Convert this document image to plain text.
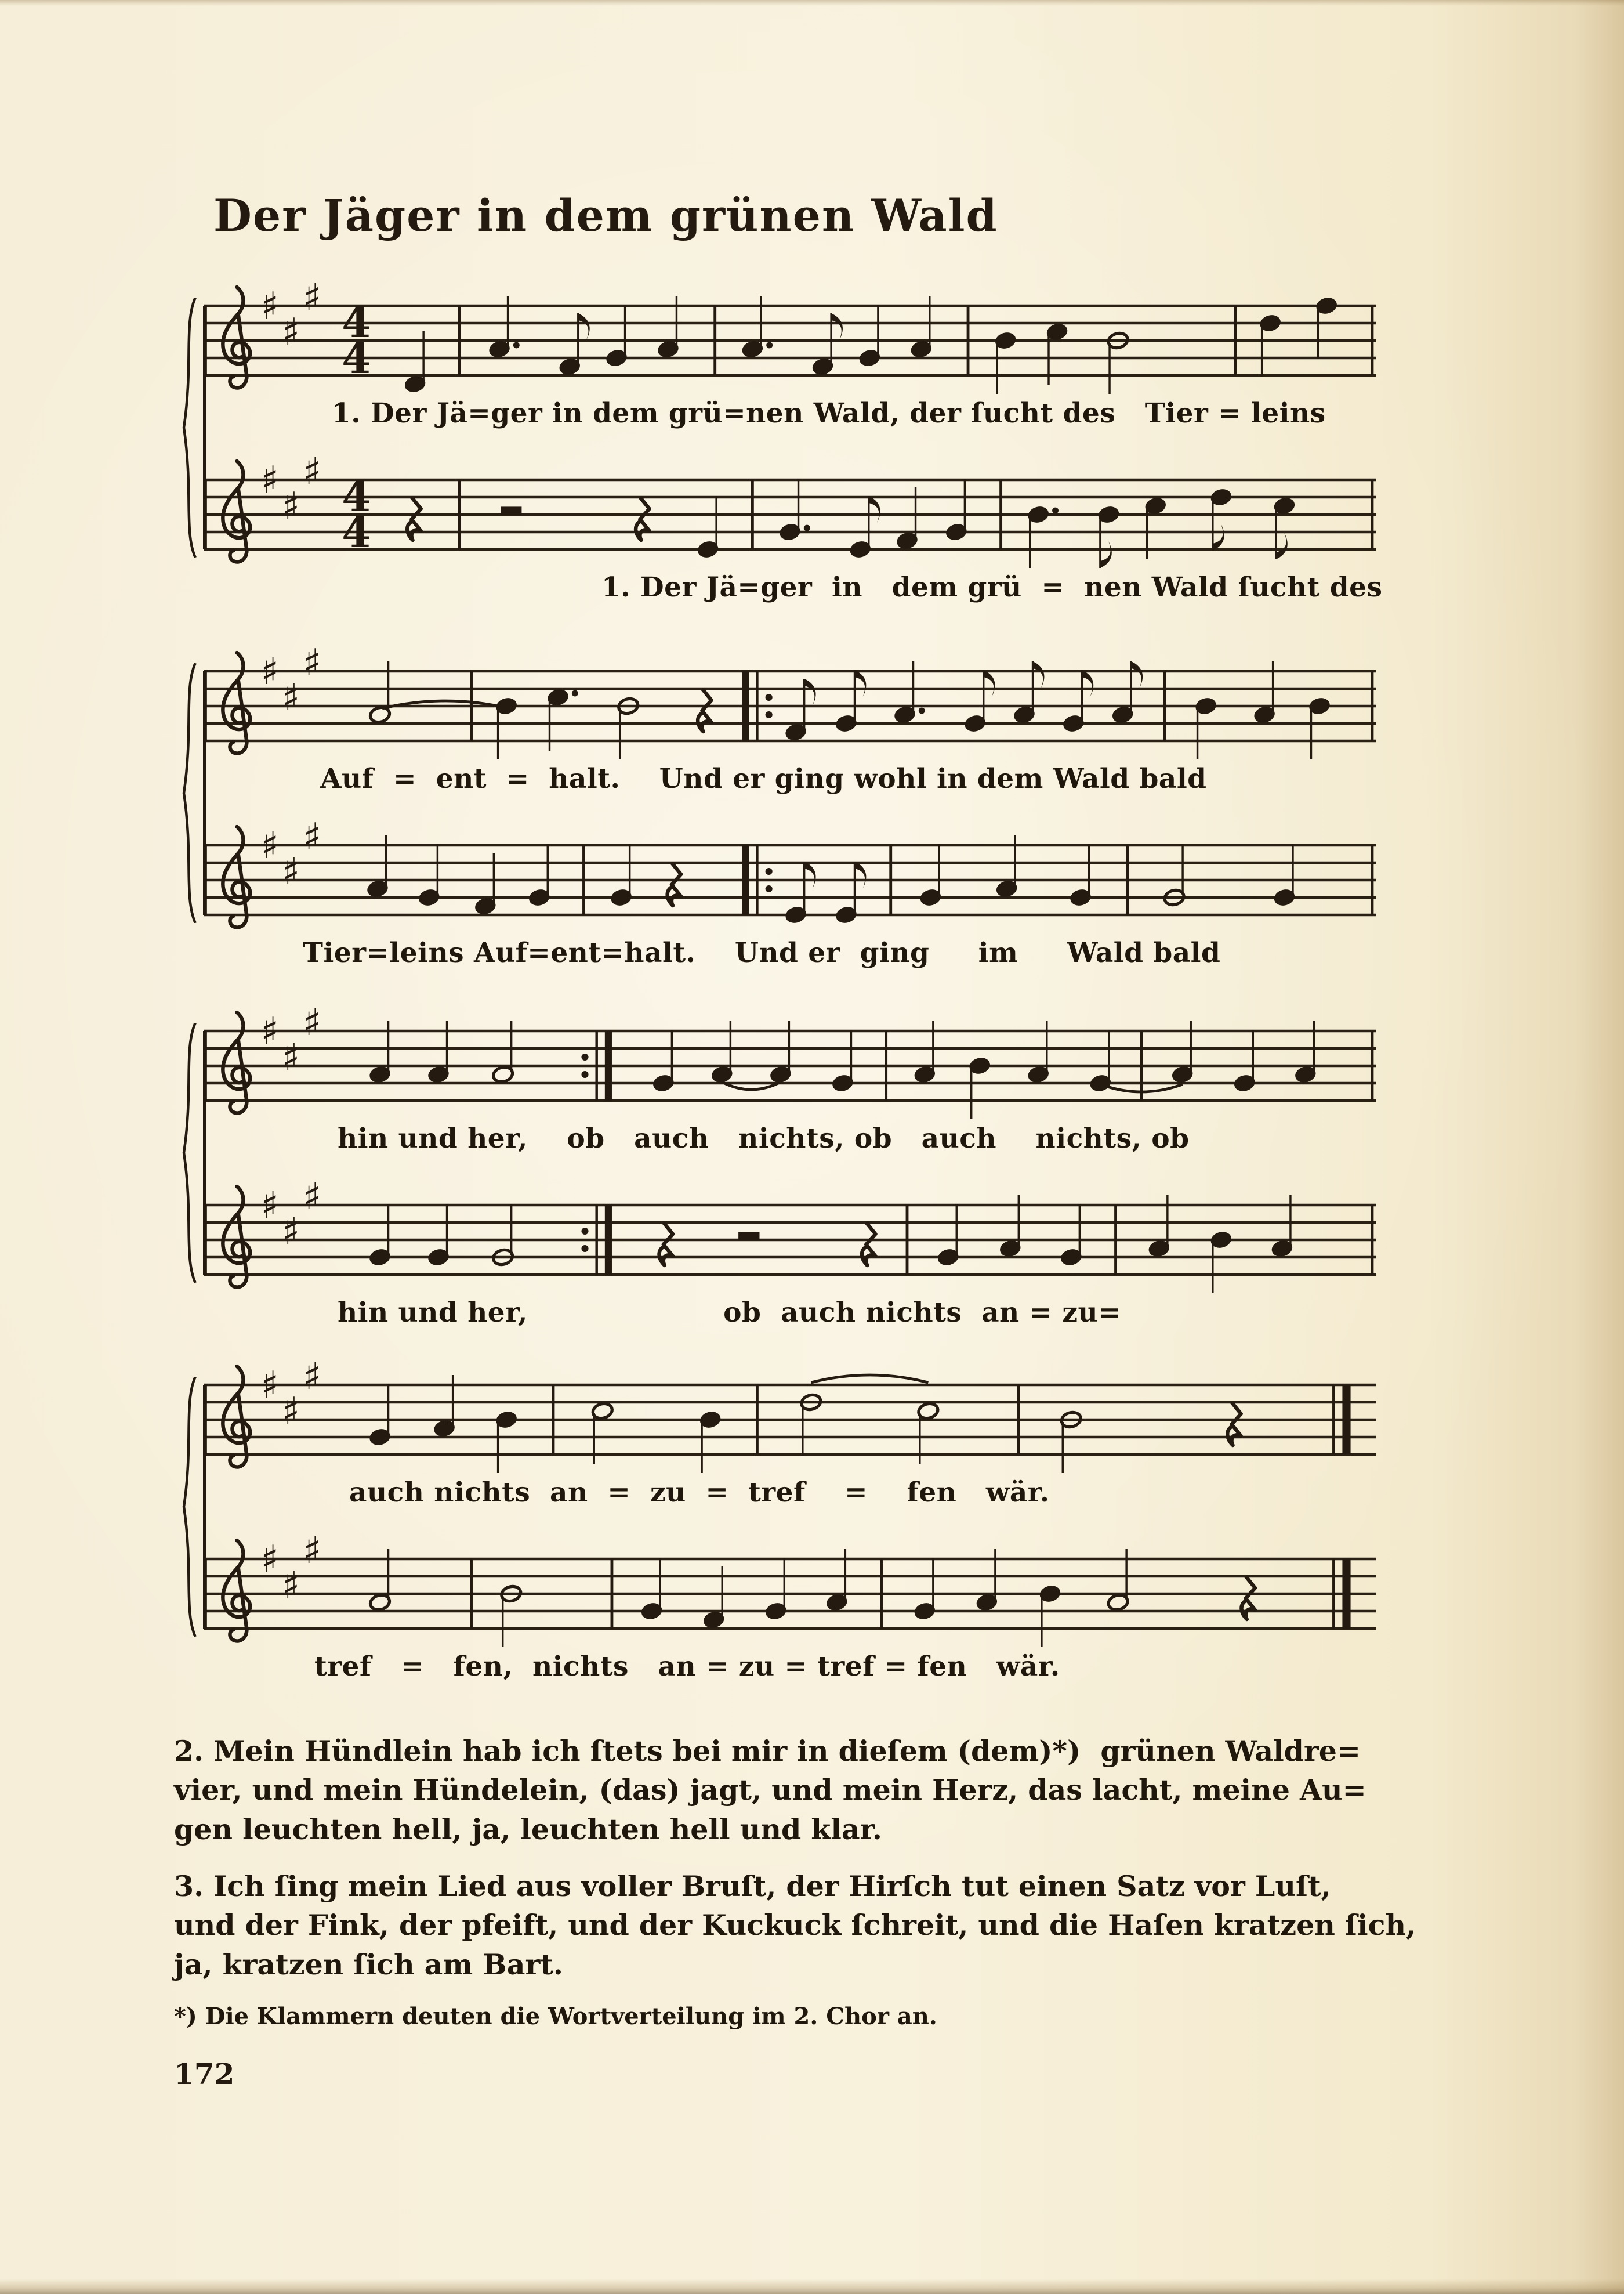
Der Jäger in dem grünen Wald
♯
♯
♯
4
4
1. Der Jä=ger in dem grü=nen Wald, der ſucht des   Tier = leins
♯
♯
♯
4
4
1. Der Jä=ger  in   dem grü  =  nen Wald ſucht des
♯
♯
♯
Auf  =  ent  =  halt.    Und er ging wohl in dem Wald bald
♯
♯
♯
Tier=leins Auf=ent=halt.    Und er  ging     im     Wald bald
♯
♯
♯
hin und her,    ob   auch   nichts, ob   auch    nichts, ob
♯
♯
♯
hin und her,                    ob  auch nichts  an = zu=
♯
♯
♯
auch nichts  an  =  zu  =  tref    =    fen   wär.
♯
♯
♯
tref   =   fen,  nichts   an = zu = tref = fen   wär.
2. Mein Hündlein hab ich ſtets bei mir in dieſem (dem)*)  grünen Waldre=
vier, und mein Hündelein, (das) jagt, und mein Herz, das lacht, meine Au=
gen leuchten hell, ja, leuchten hell und klar.
3. Ich ſing mein Lied aus voller Bruſt, der Hirſch tut einen Satz vor Luſt,
und der Fink, der pfeift, und der Kuckuck ſchreit, und die Haſen kratzen ſich,
ja, kratzen ſich am Bart.
*) Die Klammern deuten die Wortverteilung im 2. Chor an.
172
